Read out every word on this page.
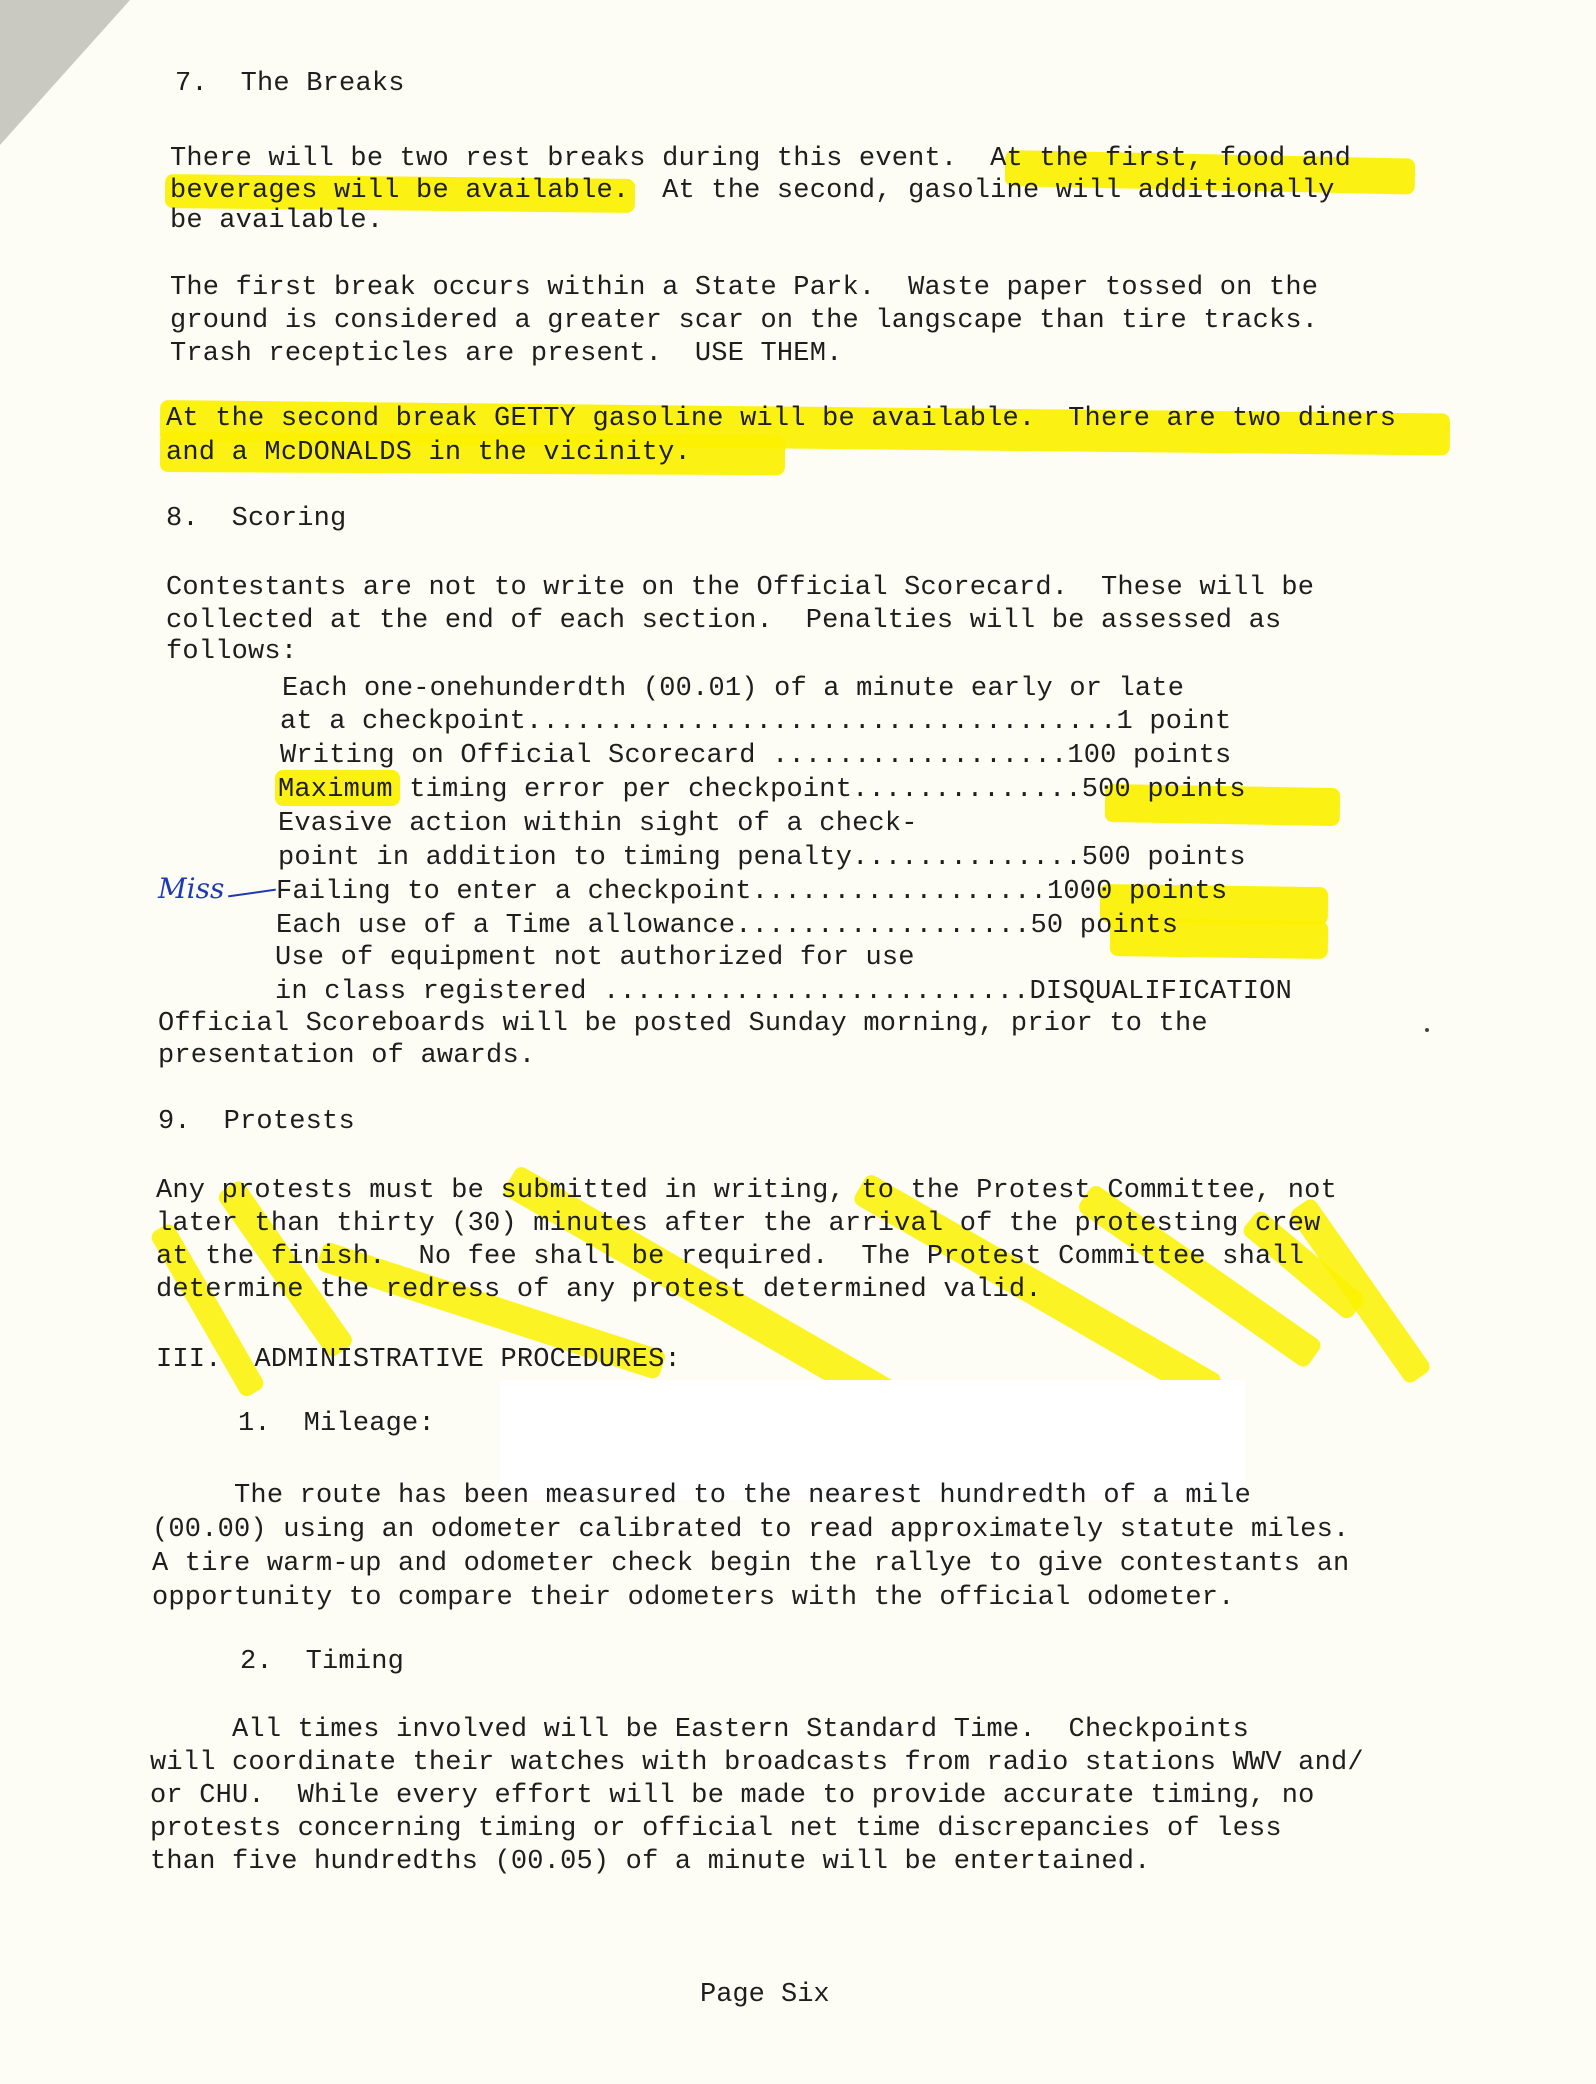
7. The Breaks
There will be two rest breaks during this event.  At the first, food and
beverages will be available.  At the second, gasoline will additionally
be available.
The first break occurs within a State Park.  Waste paper tossed on the
ground is considered a greater scar on the langscape than tire tracks.
Trash recepticles are present.  USE THEM.
At the second break GETTY gasoline will be available.  There are two diners
and a McDONALDS in the vicinity.
8. Scoring
Contestants are not to write on the Official Scorecard.  These will be
collected at the end of each section.  Penalties will be assessed as
follows:
Each one-onehunderdth (00.01) of a minute early or late
at a checkpoint....................................1 point
Writing on Official Scorecard ..................100 points
Maximum timing error per checkpoint..............500 points
Evasive action within sight of a check-
point in addition to timing penalty..............500 points
Failing to enter a checkpoint..................1000 points
Each use of a Time allowance..................50 points
Use of equipment not authorized for use
in class registered ..........................DISQUALIFICATION
Miss
Official Scoreboards will be posted Sunday morning, prior to the
presentation of awards.
9. Protests
Any protests must be submitted in writing, to the Protest Committee, not
later than thirty (30) minutes after the arrival of the protesting crew
at the finish.  No fee shall be required.  The Protest Committee shall
determine the redress of any protest determined valid.
III. ADMINISTRATIVE PROCEDURES:
1. Mileage:
The route has been measured to the nearest hundredth of a mile
(00.00) using an odometer calibrated to read approximately statute miles.
A tire warm-up and odometer check begin the rallye to give contestants an
opportunity to compare their odometers with the official odometer.
2. Timing
All times involved will be Eastern Standard Time.  Checkpoints
will coordinate their watches with broadcasts from radio stations WWV and/
or CHU.  While every effort will be made to provide accurate timing, no
protests concerning timing or official net time discrepancies of less
than five hundredths (00.05) of a minute will be entertained.
Page Six
